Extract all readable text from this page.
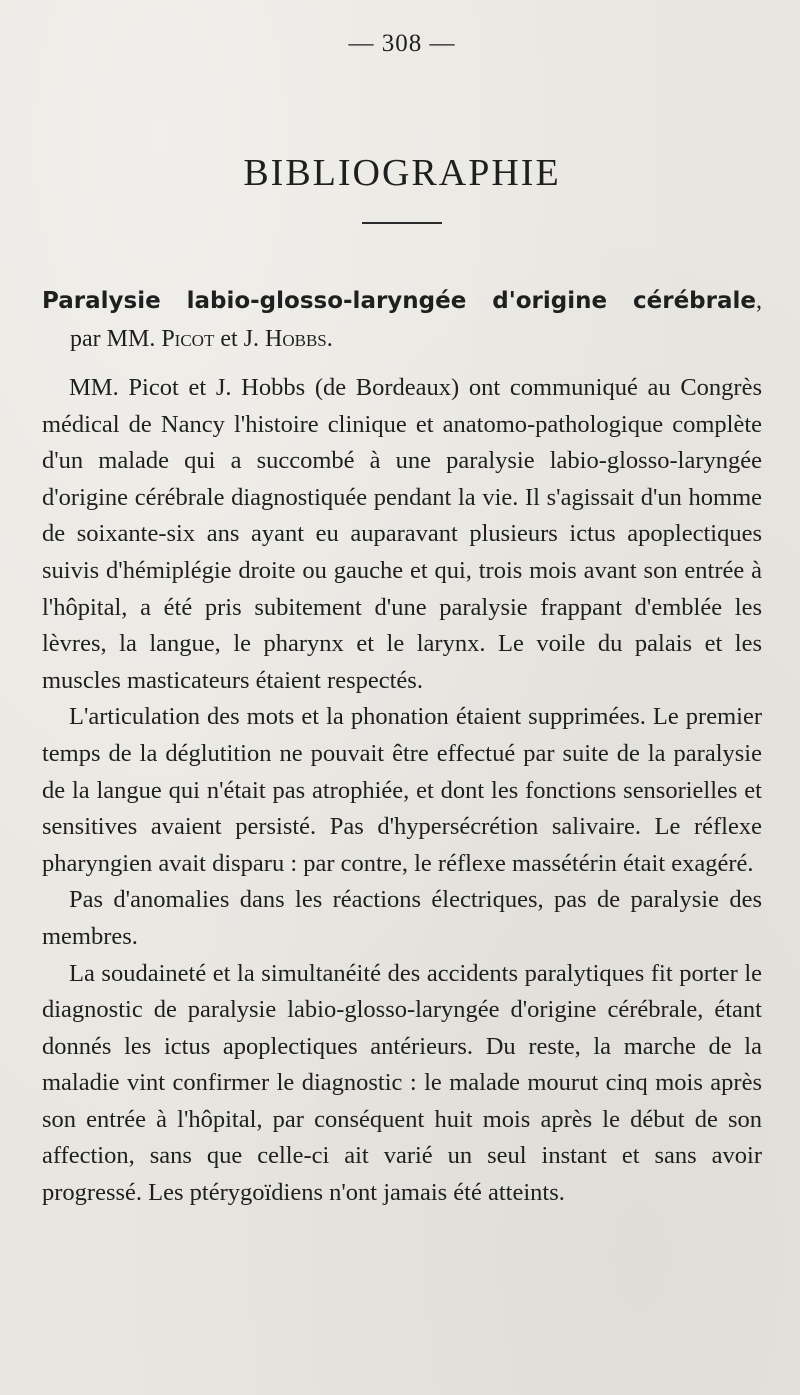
— 308 —
BIBLIOGRAPHIE
Paralysie labio-glosso-laryngée d'origine cérébrale, par MM. Picot et J. Hobbs.

MM. Picot et J. Hobbs (de Bordeaux) ont communiqué au Congrès médical de Nancy l'histoire clinique et anatomo-pathologique complète d'un malade qui a succombé à une paralysie labio-glosso-laryngée d'origine cérébrale diagnostiquée pendant la vie. Il s'agissait d'un homme de soixante-six ans ayant eu auparavant plusieurs ictus apoplectiques suivis d'hémiplégie droite ou gauche et qui, trois mois avant son entrée à l'hôpital, a été pris subitement d'une paralysie frappant d'emblée les lèvres, la langue, le pharynx et le larynx. Le voile du palais et les muscles masticateurs étaient respectés.

L'articulation des mots et la phonation étaient supprimées. Le premier temps de la déglutition ne pouvait être effectué par suite de la paralysie de la langue qui n'était pas atrophiée, et dont les fonctions sensorielles et sensitives avaient persisté. Pas d'hypersécrétion salivaire. Le réflexe pharyngien avait disparu : par contre, le réflexe massétérin était exagéré.

Pas d'anomalies dans les réactions électriques, pas de paralysie des membres.

La soudaineté et la simultanéité des accidents paralytiques fit porter le diagnostic de paralysie labio-glosso-laryngée d'origine cérébrale, étant donnés les ictus apoplectiques antérieurs. Du reste, la marche de la maladie vint confirmer le diagnostic : le malade mourut cinq mois après son entrée à l'hôpital, par conséquent huit mois après le début de son affection, sans que celle-ci ait varié un seul instant et sans avoir progressé. Les ptérygoïdiens n'ont jamais été atteints.
